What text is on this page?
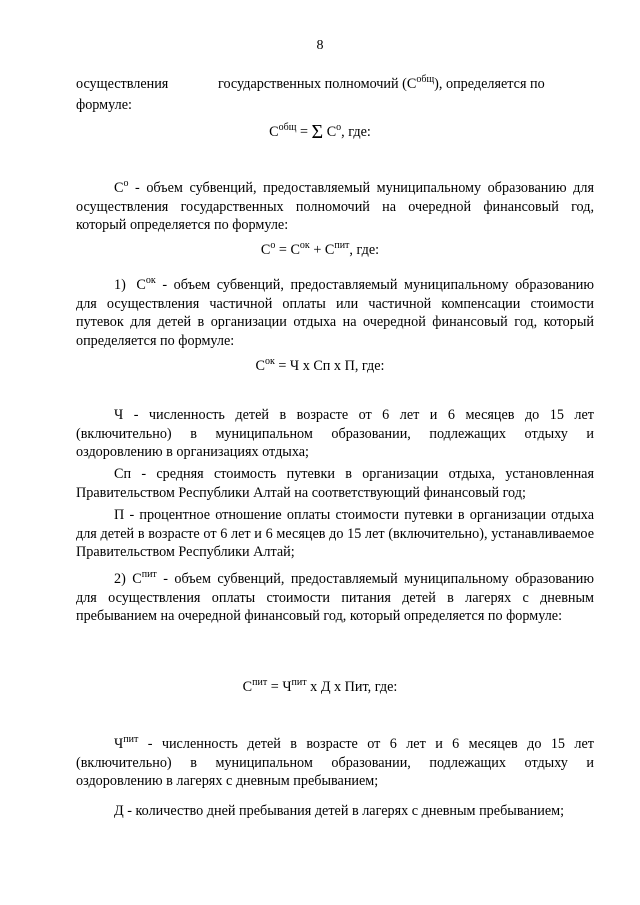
8
осуществления	государственных полномочий $(С^{общ})$, определяется по
формуле:

$С^{общ} = \Sigma$ $С^о$, где:

$С^о$ - объем субвенций, предоставляемый муниципальному образованию для осуществления государственных полномочий на очередной финансовый год, который определяется по формуле:

$С^о = С^{ок} + С^{пит}$, где:

1) $С^{ок}$ - объем субвенций, предоставляемый муниципальному образованию для осуществления частичной оплаты или частичной компенсации стоимости путевок для детей в организации отдыха на очередной финансовый год, который определяется по формуле:

$С^{ок} = Ч$ х Сп х П, где:

Ч - численность детей в возрасте от 6 лет и 6 месяцев до 15 лет (включительно) в муниципальном образовании, подлежащих отдыху и оздоровлению в организациях отдыха;

Сп - средняя стоимость путевки в организации отдыха, установленная Правительством Республики Алтай на соответствующий финансовый год;

П - процентное отношение оплаты стоимости путевки в организации отдыха для детей в возрасте от 6 лет и 6 месяцев до 15 лет (включительно), устанавливаемое Правительством Республики Алтай;

2) $С^{пит}$ - объем субвенций, предоставляемый муниципальному образованию для осуществления оплаты стоимости питания детей в лагерях с дневным пребыванием на очередной финансовый год, который определяется по формуле:

$С^{пит} = Ч^{пит}$ х Д х Пит, где:

$Ч^{пит}$ - численность детей в возрасте от 6 лет и 6 месяцев до 15 лет (включительно) в муниципальном образовании, подлежащих отдыху и оздоровлению в лагерях с дневным пребыванием;

Д - количество дней пребывания детей в лагерях с дневным пребыванием;
